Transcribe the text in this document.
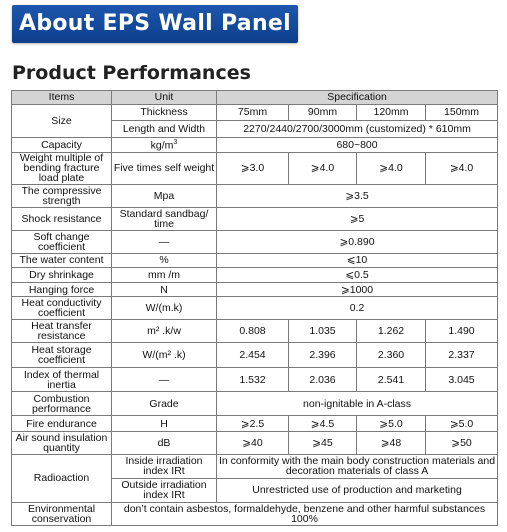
About EPS Wall Panel
Product Performances
Items	Unit	Specification			
Size	Thickness	75mm	90mm	120mm	150mm
	Length and Width	2270/2440/2700/3000mm (customized) * 610mm			
Capacity	$kg/m^3$	680~800			
Weight multiple of bending fracture load plate	Five times self weight	⩾3.0	⩾4.0	⩾4.0	⩾4.0
The compressive strength	Mpa	⩾3.5			
Shock resistance	Standard sandbag/ time	⩾5			
Soft change coefficient	—	⩾0.890			
The water content	%	⩽10			
Dry shrinkage	mm /m	⩽0.5			
Hanging force	N	⩾1000			
Heat conductivity coefficient	W/(m.k)	0.2			
Heat transfer resistance	m² .k/w	0.808	1.035	1.262	1.490
Heat storage coefficient	W/(m² .k)	2.454	2.396	2.360	2.337
Index of thermal inertia	—	1.532	2.036	2.541	3.045
Combustion performance	Grade	non-ignitable in A-class			
Fire endurance	H	⩾2.5	⩾4.5	⩾5.0	⩾5.0
Air sound insulation quantity	dB	⩾40	⩾45	⩾48	⩾50
Radioaction	Inside irradiation index IRt	In conformity with the main body construction materials and decoration materials of class A			
	Outside irradiation index IRt	Unrestricted use of production and marketing			
Environmental conservation	don’t contain asbestos, formaldehyde, benzene and other harmful substances 100%				
